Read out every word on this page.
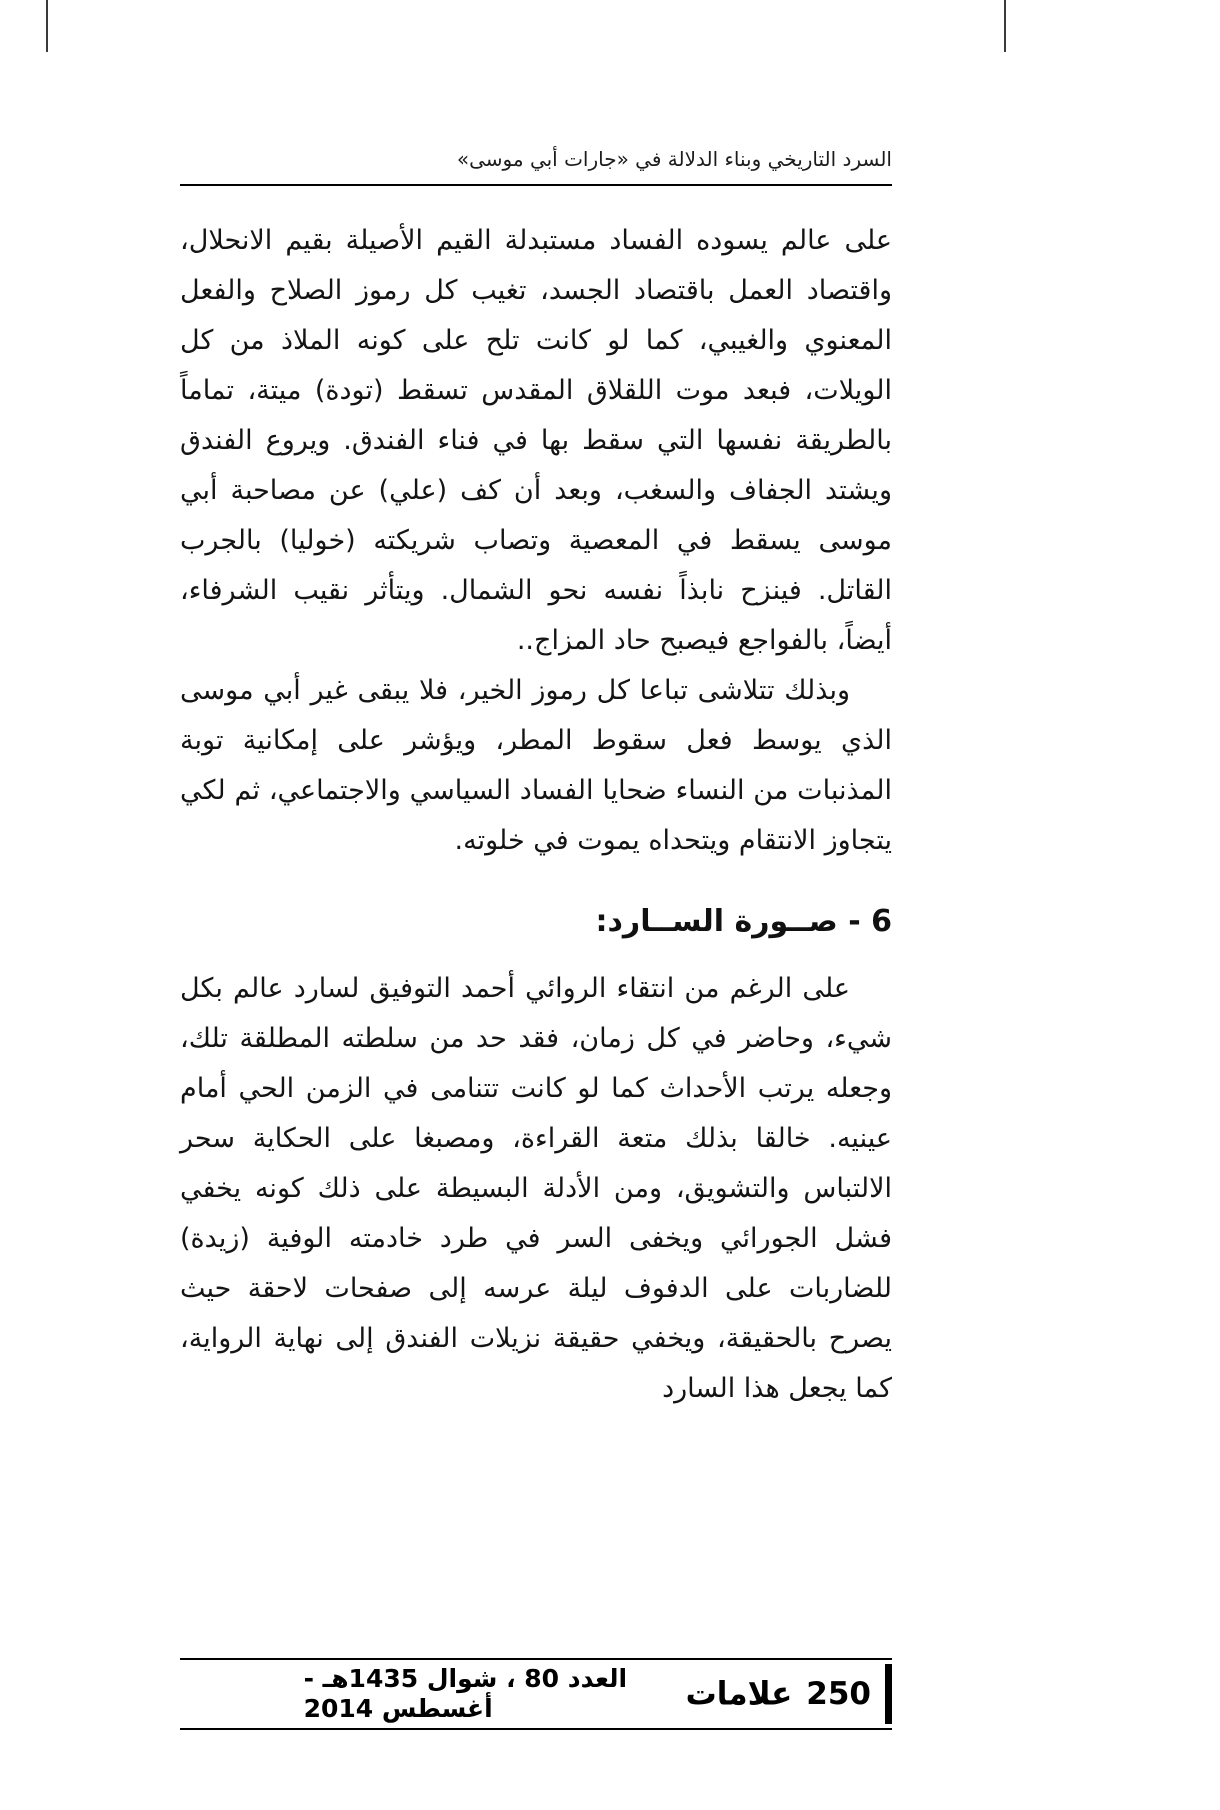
السرد التاريخي وبناء الدلالة في «جارات أبي موسى»

على عالم يسوده الفساد مستبدلة القيم الأصيلة بقيم الانحلال، واقتصاد العمل باقتصاد الجسد، تغيب كل رموز الصلاح والفعل المعنوي والغيبي، كما لو كانت تلح على كونه الملاذ من كل الويلات، فبعد موت اللقلاق المقدس تسقط (تودة) ميتة، تماماً بالطريقة نفسها التي سقط بها في فناء الفندق. ويروع الفندق ويشتد الجفاف والسغب، وبعد أن كف (علي) عن مصاحبة أبي موسى يسقط في المعصية وتصاب شريكته (خوليا) بالجرب القاتل. فينزح نابذاً نفسه نحو الشمال. ويتأثر نقيب الشرفاء، أيضاً، بالفواجع فيصبح حاد المزاج..

وبذلك تتلاشى تباعا كل رموز الخير، فلا يبقى غير أبي موسى الذي يوسط فعل سقوط المطر، ويؤشر على إمكانية توبة المذنبات من النساء ضحايا الفساد السياسي والاجتماعي، ثم لكي يتجاوز الانتقام ويتحداه يموت في خلوته.

6 - صــورة الســارد:

على الرغم من انتقاء الروائي أحمد التوفيق لسارد عالم بكل شيء، وحاضر في كل زمان، فقد حد من سلطته المطلقة تلك، وجعله يرتب الأحداث كما لو كانت تتنامى في الزمن الحي أمام عينيه. خالقا بذلك متعة القراءة، ومصبغا على الحكاية سحر الالتباس والتشويق، ومن الأدلة البسيطة على ذلك كونه يخفي فشل الجورائي ويخفى السر في طرد خادمته الوفية (زيدة) للضاربات على الدفوف ليلة عرسه إلى صفحات لاحقة حيث يصرح بالحقيقة، ويخفي حقيقة نزيلات الفندق إلى نهاية الرواية، كما يجعل هذا السارد

250
علامات
العدد 80 ، شوال 1435هـ - أغسطس 2014
